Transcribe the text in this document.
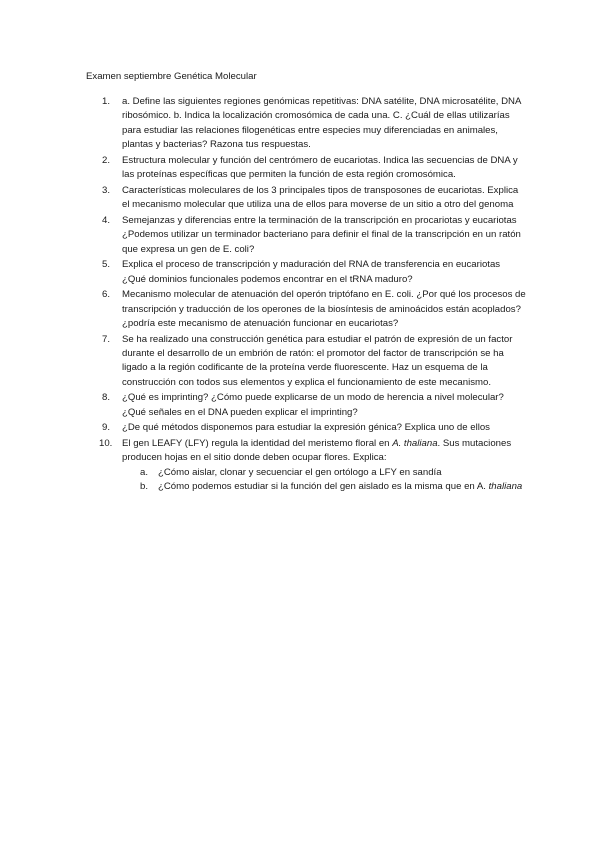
Examen septiembre Genética Molecular
1.	a. Define las siguientes regiones genómicas repetitivas: DNA satélite, DNA microsatélite, DNA ribosómico. b. Indica la localización cromosómica de cada una. C. ¿Cuál de ellas utilizarías para estudiar las relaciones filogenéticas entre especies muy diferenciadas en animales, plantas y bacterias? Razona tus respuestas.
2.	Estructura molecular y función del centrómero de eucariotas. Indica las secuencias de DNA y las proteínas específicas que permiten la función de esta región cromosómica.
3.	Características moleculares de los 3 principales tipos de transposones de eucariotas. Explica el mecanismo molecular que utiliza una de ellos para moverse de un sitio a otro del genoma
4.	Semejanzas y diferencias entre la terminación de la transcripción en procariotas y eucariotas ¿Podemos utilizar un terminador bacteriano para definir el final de la transcripción en un ratón que expresa un gen de E. coli?
5.	Explica el proceso de transcripción y maduración del RNA de transferencia en eucariotas ¿Qué dominios funcionales podemos encontrar en el tRNA maduro?
6.	Mecanismo molecular de atenuación del operón triptófano en E. coli. ¿Por qué los procesos de transcripción y traducción de los operones de la biosíntesis de aminoácidos están acoplados? ¿podría este mecanismo de atenuación funcionar en eucariotas?
7.	Se ha realizado una construcción genética para estudiar el patrón de expresión de un factor durante el desarrollo de un embrión de ratón: el promotor del factor de transcripción se ha ligado a la región codificante de la proteína verde fluorescente. Haz un esquema de la construcción con todos sus elementos y explica el funcionamiento de este mecanismo.
8.	¿Qué es imprinting? ¿Cómo puede explicarse de un modo de herencia a nivel molecular? ¿Qué señales en el DNA pueden explicar el imprinting?
9.	¿De qué métodos disponemos para estudiar la expresión génica? Explica uno de ellos
10.	El gen LEAFY (LFY) regula la identidad del meristemo floral en A. thaliana. Sus mutaciones producen hojas en el sitio donde deben ocupar flores. Explica:
a. ¿Cómo aislar, clonar y secuenciar el gen ortólogo a LFY en sandía
b. ¿Cómo podemos estudiar si la función del gen aislado es la misma que en A. thaliana
